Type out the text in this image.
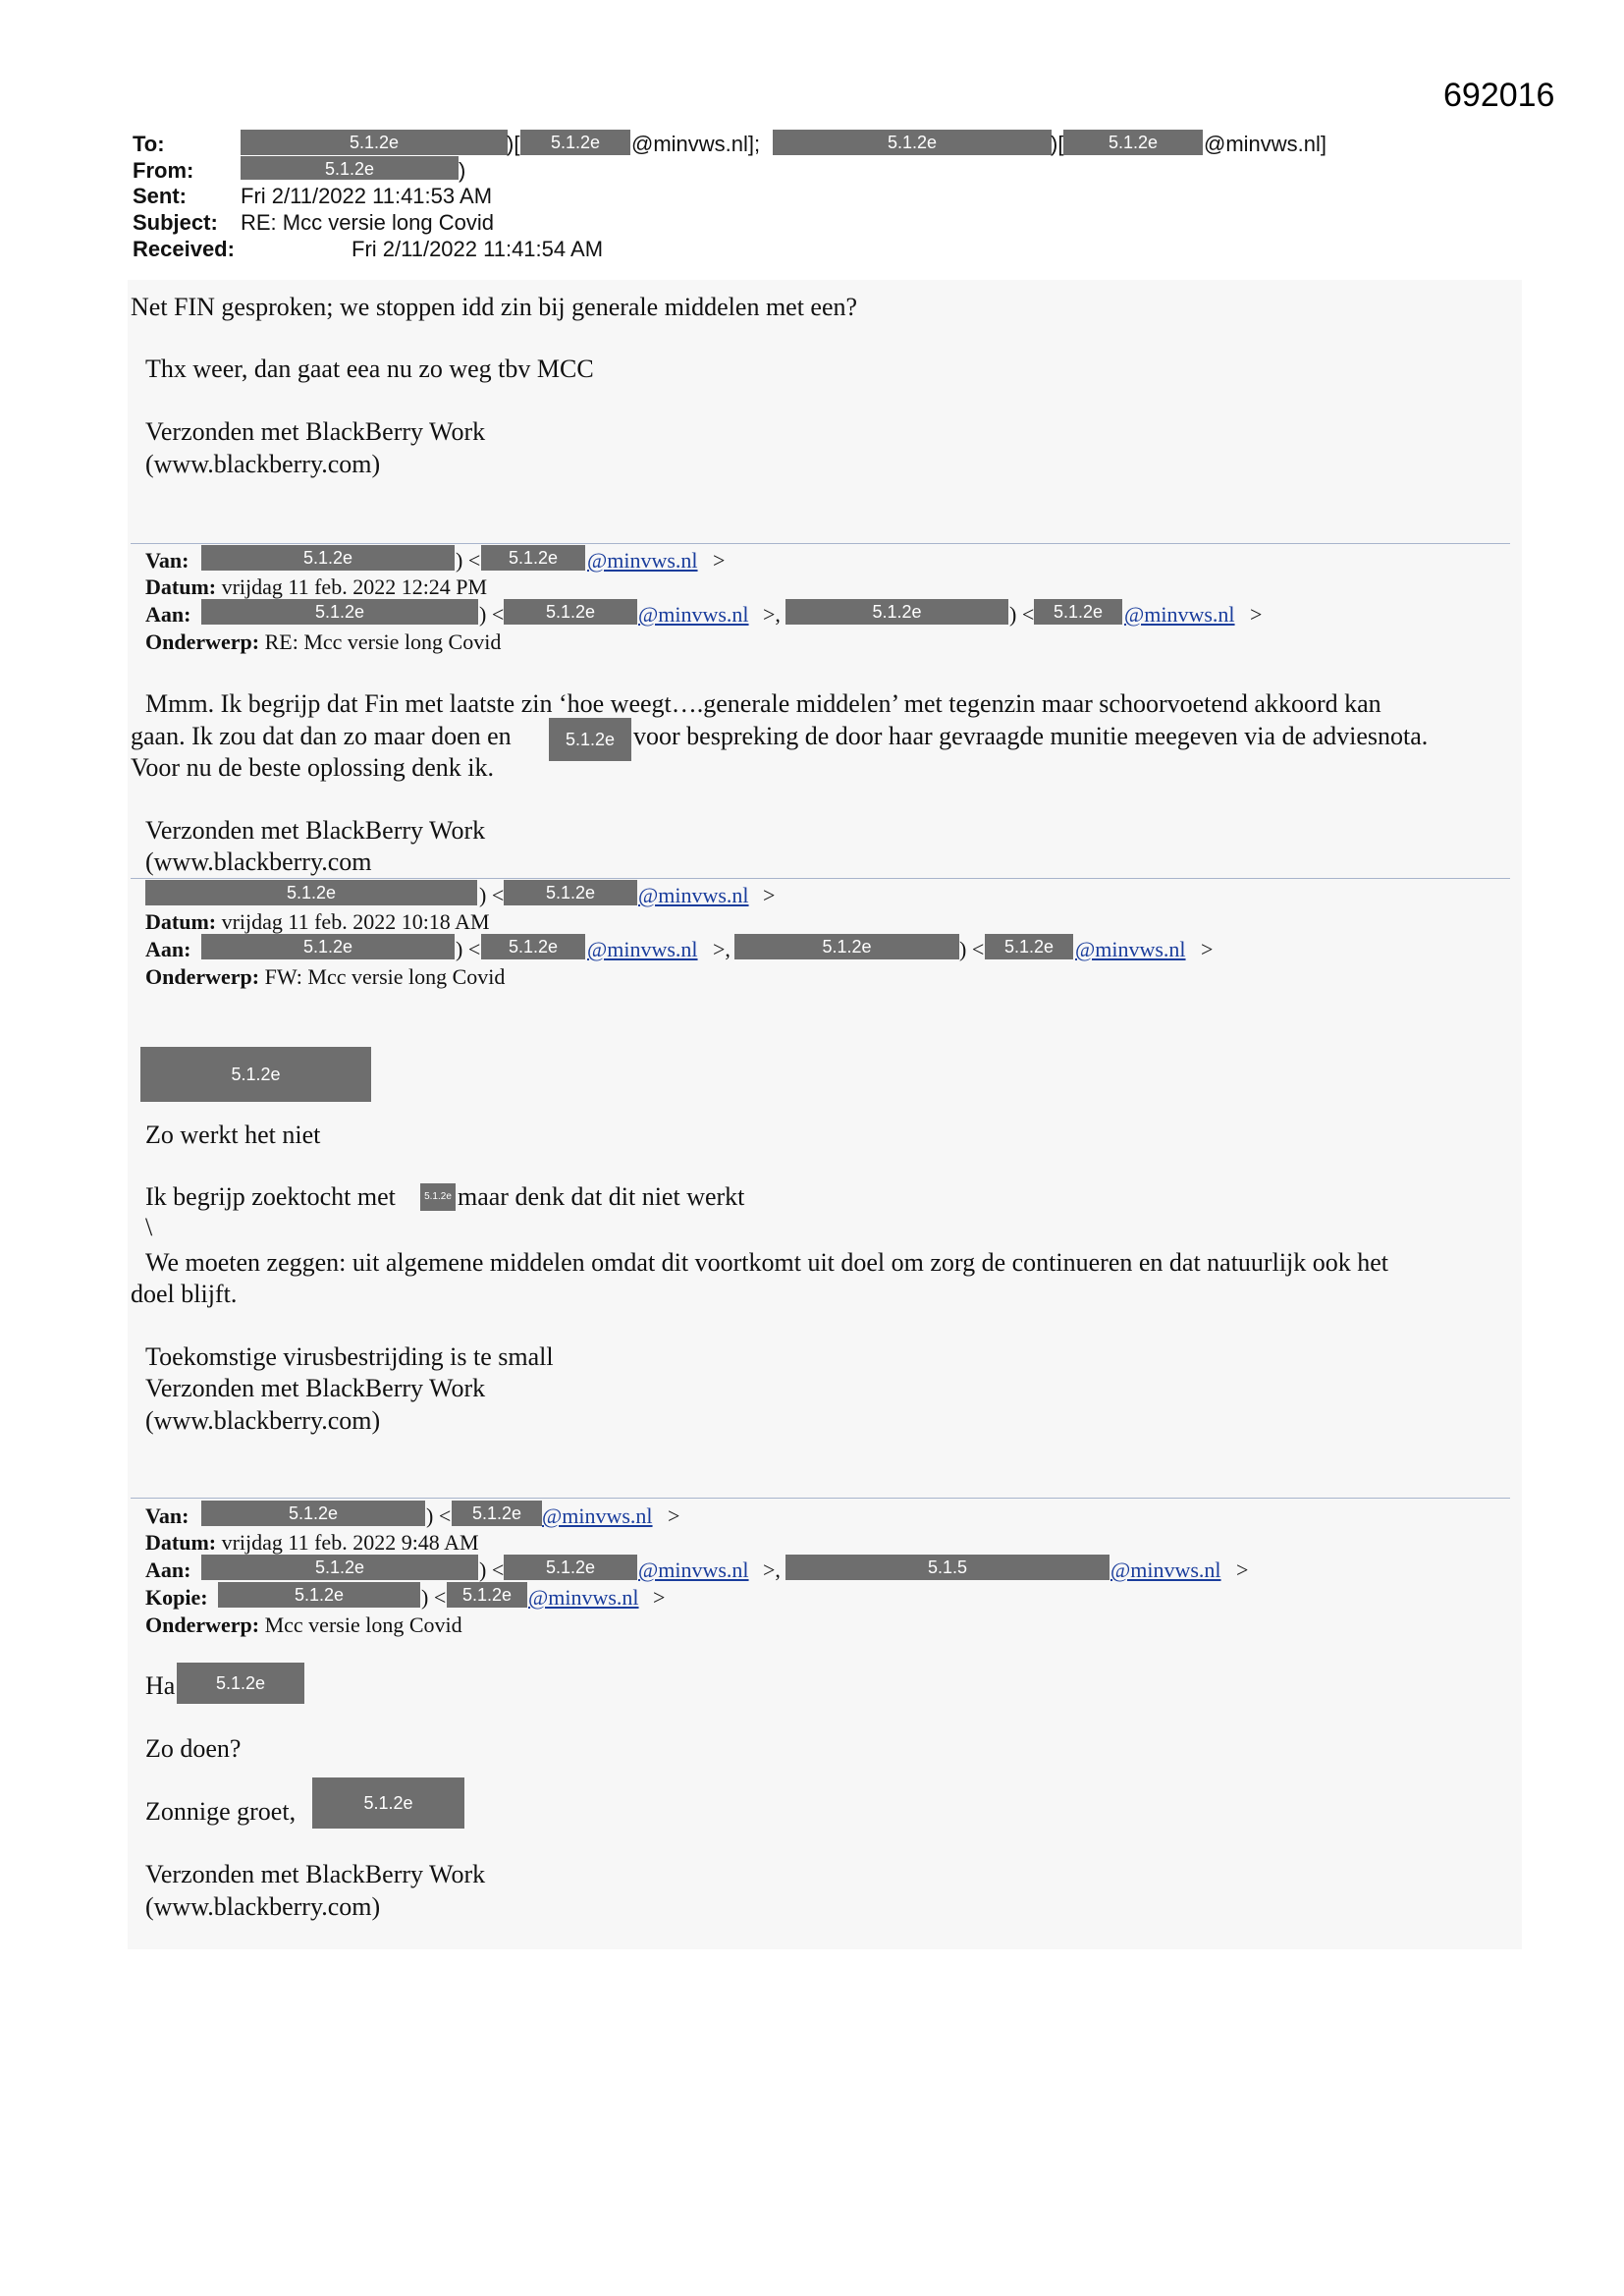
692016
To:	5.1.2e	)[	5.1.2e	@minvws.nl];	5.1.2e	)[	5.1.2e	@minvws.nl]
From:	5.1.2e	)
Sent:	Fri 2/11/2022 11:41:53 AM
Subject: RE: Mcc versie long Covid
Received:	Fri 2/11/2022 11:41:54 AM
Net FIN gesproken; we stoppen idd zin bij generale middelen met een?
Thx weer, dan gaat eea nu zo weg tbv MCC
Verzonden met BlackBerry Work
(www.blackberry.com)
Van:	5.1.2e	) <	5.1.2e	@minvws.nl >
Datum: vrijdag 11 feb. 2022 12:24 PM
Aan:	5.1.2e	) <	5.1.2e	@minvws.nl >,	5.1.2e	) <	5.1.2e @minvws.nl >
Onderwerp: RE: Mcc versie long Covid
Mmm. Ik begrijp dat Fin met laatste zin ‘hoe weegt….generale middelen’ met tegenzin maar schoorvoetend akkoord kan
gaan. Ik zou dat dan zo maar doen en	5.1.2e voor bespreking de door haar gevraagde munitie meegeven via de adviesnota.
Voor nu de beste oplossing denk ik.
Verzonden met BlackBerry Work
(www.blackberry.com
5.1.2e	) <	5.1.2e	@minvws.nl >
Datum: vrijdag 11 feb. 2022 10:18 AM
Aan:	5.1.2e	) <	5.1.2e	@minvws.nl >,	5.1.2e	) <	5.1.2e @minvws.nl >
Onderwerp: FW: Mcc versie long Covid
5.1.2e
Zo werkt het niet
Ik begrijp zoektocht met	5.1.2e maar denk dat dit niet werkt
\
We moeten zeggen: uit algemene middelen omdat dit voortkomt uit doel om zorg de continueren en dat natuurlijk ook het
doel blijft.
Toekomstige virusbestrijding is te small
Verzonden met BlackBerry Work
(www.blackberry.com)
Van:	5.1.2e	) <	5.1.2e @minvws.nl >
Datum: vrijdag 11 feb. 2022 9:48 AM
Aan:	5.1.2e	) <	5.1.2e	@minvws.nl >,	5.1.5	@minvws.nl >
Kopie:	5.1.2e	) < 5.1.2e @minvws.nl >
Onderwerp: Mcc versie long Covid
Ha	5.1.2e
Zo doen?
Zonnige groet,	5.1.2e
Verzonden met BlackBerry Work
(www.blackberry.com)
